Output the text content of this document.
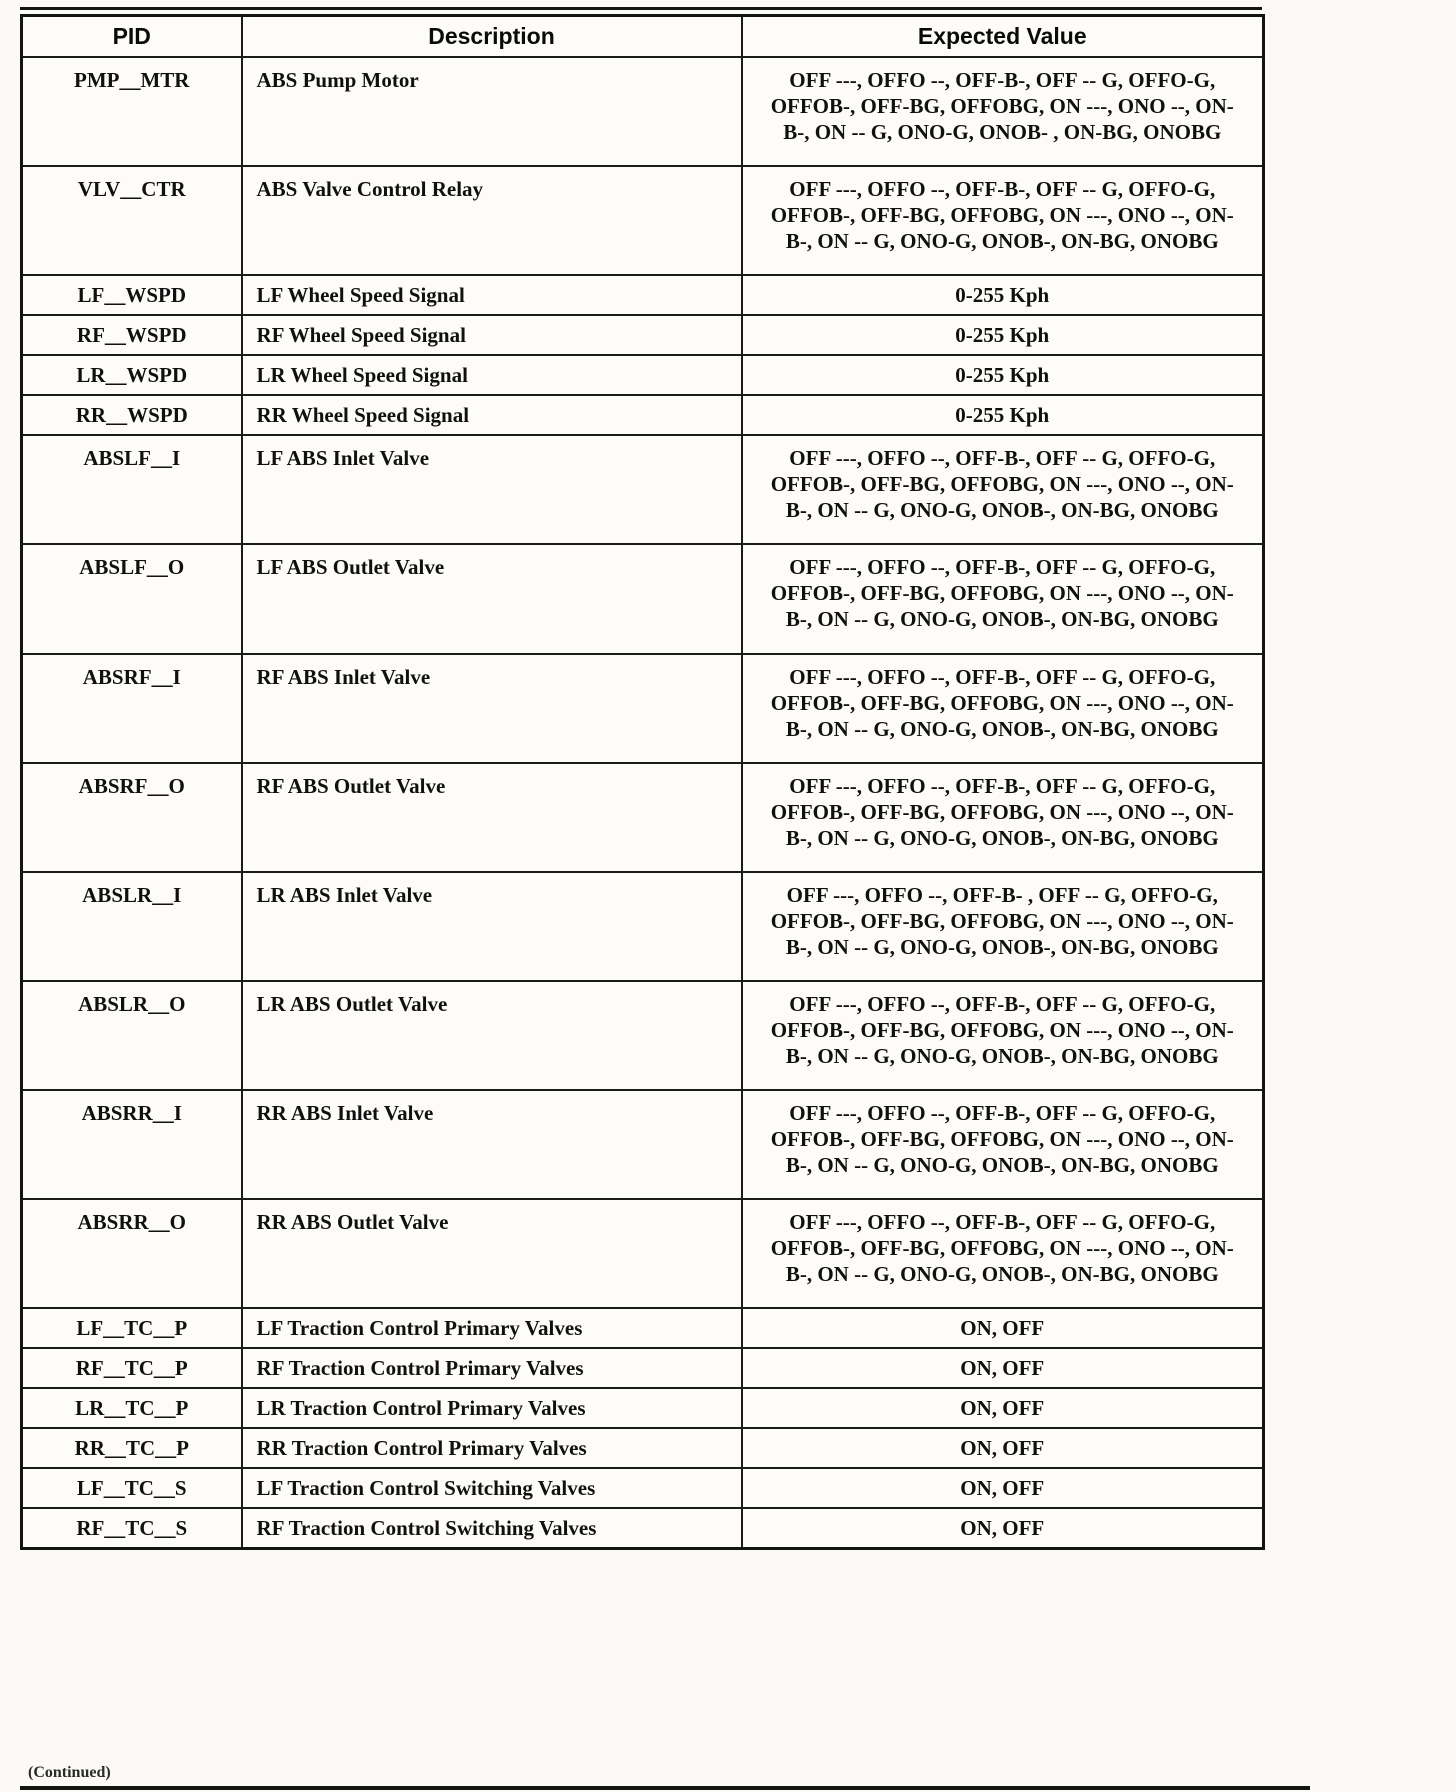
PID	Description	Expected Value
PMP__MTR	ABS Pump Motor	OFF ---, OFFO --, OFF-B-, OFF -- G, OFFO-G, OFFOB-, OFF-BG, OFFOBG, ON ---, ONO --, ON-B-, ON -- G, ONO-G, ONOB- , ON-BG, ONOBG
VLV__CTR	ABS Valve Control Relay	OFF ---, OFFO --, OFF-B-, OFF -- G, OFFO-G, OFFOB-, OFF-BG, OFFOBG, ON ---, ONO --, ON-B-, ON -- G, ONO-G, ONOB-, ON-BG, ONOBG
LF__WSPD	LF Wheel Speed Signal	0-255 Kph
RF__WSPD	RF Wheel Speed Signal	0-255 Kph
LR__WSPD	LR Wheel Speed Signal	0-255 Kph
RR__WSPD	RR Wheel Speed Signal	0-255 Kph
ABSLF__I	LF ABS Inlet Valve	OFF ---, OFFO --, OFF-B-, OFF -- G, OFFO-G, OFFOB-, OFF-BG, OFFOBG, ON ---, ONO --, ON-B-, ON -- G, ONO-G, ONOB-, ON-BG, ONOBG
ABSLF__O	LF ABS Outlet Valve	OFF ---, OFFO --, OFF-B-, OFF -- G, OFFO-G, OFFOB-, OFF-BG, OFFOBG, ON ---, ONO --, ON-B-, ON -- G, ONO-G, ONOB-, ON-BG, ONOBG
ABSRF__I	RF ABS Inlet Valve	OFF ---, OFFO --, OFF-B-, OFF -- G, OFFO-G, OFFOB-, OFF-BG, OFFOBG, ON ---, ONO --, ON-B-, ON -- G, ONO-G, ONOB-, ON-BG, ONOBG
ABSRF__O	RF ABS Outlet Valve	OFF ---, OFFO --, OFF-B-, OFF -- G, OFFO-G, OFFOB-, OFF-BG, OFFOBG, ON ---, ONO --, ON-B-, ON -- G, ONO-G, ONOB-, ON-BG, ONOBG
ABSLR__I	LR ABS Inlet Valve	OFF ---, OFFO --, OFF-B- , OFF -- G, OFFO-G, OFFOB-, OFF-BG, OFFOBG, ON ---, ONO --, ON-B-, ON -- G, ONO-G, ONOB-, ON-BG, ONOBG
ABSLR__O	LR ABS Outlet Valve	OFF ---, OFFO --, OFF-B-, OFF -- G, OFFO-G, OFFOB-, OFF-BG, OFFOBG, ON ---, ONO --, ON-B-, ON -- G, ONO-G, ONOB-, ON-BG, ONOBG
ABSRR__I	RR ABS Inlet Valve	OFF ---, OFFO --, OFF-B-, OFF -- G, OFFO-G, OFFOB-, OFF-BG, OFFOBG, ON ---, ONO --, ON-B-, ON -- G, ONO-G, ONOB-, ON-BG, ONOBG
ABSRR__O	RR ABS Outlet Valve	OFF ---, OFFO --, OFF-B-, OFF -- G, OFFO-G, OFFOB-, OFF-BG, OFFOBG, ON ---, ONO --, ON-B-, ON -- G, ONO-G, ONOB-, ON-BG, ONOBG
LF__TC__P	LF Traction Control Primary Valves	ON, OFF
RF__TC__P	RF Traction Control Primary Valves	ON, OFF
LR__TC__P	LR Traction Control Primary Valves	ON, OFF
RR__TC__P	RR Traction Control Primary Valves	ON, OFF
LF__TC__S	LF Traction Control Switching Valves	ON, OFF
RF__TC__S	RF Traction Control Switching Valves	ON, OFF
(Continued)
